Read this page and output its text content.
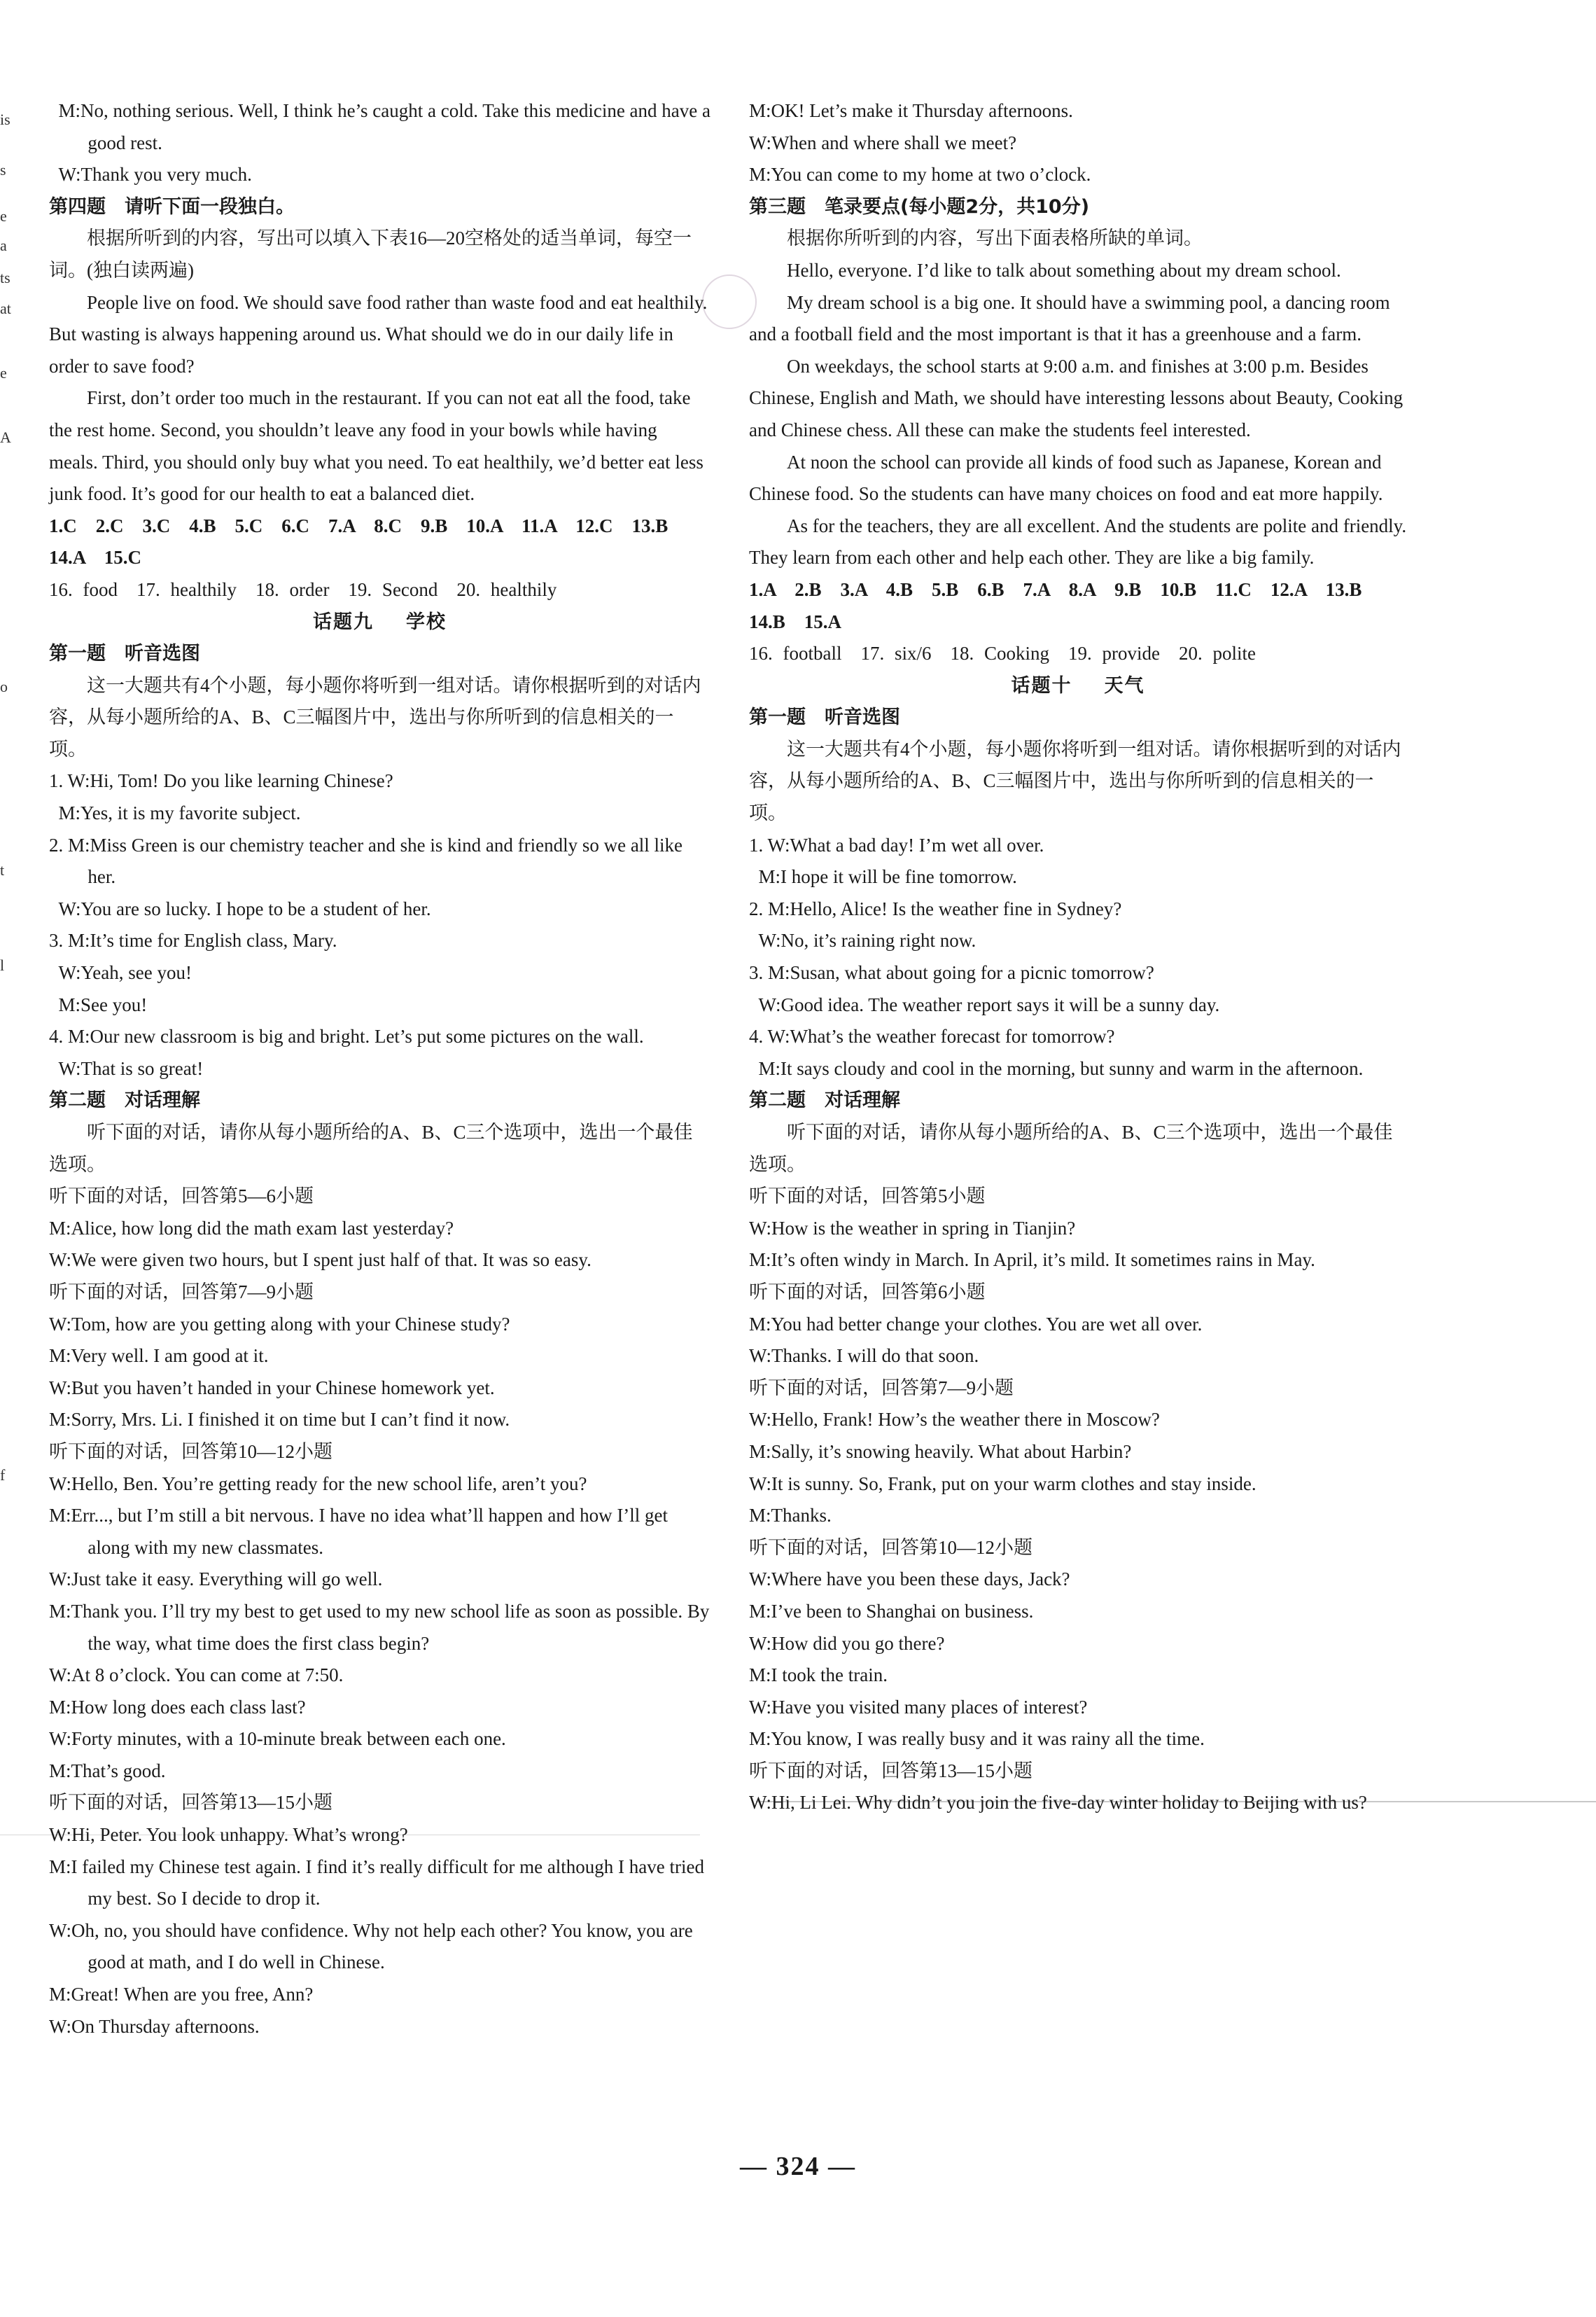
is
s
e
a
ts
at
e
A
o
t
l
f

M:No, nothing serious. Well, I think he’s caught a cold. Take this medicine and have a good rest.

W:Thank you very much.

第四题　请听下面一段独白。

根据所听到的内容，写出可以填入下表16—20空格处的适当单词，每空一词。(独白读两遍)

People live on food. We should save food rather than waste food and eat healthily. But wasting is always happening around us. What should we do in our daily life in order to save food?

First, don’t order too much in the restaurant. If you can not eat all the food, take the rest home. Second, you shouldn’t leave any food in your bowls while having meals. Third, you should only buy what you need. To eat healthily, we’d better eat less junk food. It’s good for our health to eat a balanced diet.

1.C　2.C　3.C　4.B　5.C　6.C　7.A　8.C　9.B　10.A　11.A　12.C　13.B　14.A　15.C

16. food　17. healthily　18. order　19. Second　20. healthily

话题九 学校

第一题　听音选图

这一大题共有4个小题，每小题你将听到一组对话。请你根据听到的对话内容，从每小题所给的A、B、C三幅图片中，选出与你所听到的信息相关的一项。

1. W:Hi, Tom! Do you like learning Chinese?

M:Yes, it is my favorite subject.

2. M:Miss Green is our chemistry teacher and she is kind and friendly so we all like her.

W:You are so lucky. I hope to be a student of her.

3. M:It’s time for English class, Mary.

W:Yeah, see you!

M:See you!

4. M:Our new classroom is big and bright. Let’s put some pictures on the wall.

W:That is so great!

第二题　对话理解

听下面的对话，请你从每小题所给的A、B、C三个选项中，选出一个最佳选项。

听下面的对话，回答第5—6小题

M:Alice, how long did the math exam last yesterday?

W:We were given two hours, but I spent just half of that. It was so easy.

听下面的对话，回答第7—9小题

W:Tom, how are you getting along with your Chinese study?

M:Very well. I am good at it.

W:But you haven’t handed in your Chinese homework yet.

M:Sorry, Mrs. Li. I finished it on time but I can’t find it now.

听下面的对话，回答第10—12小题

W:Hello, Ben. You’re getting ready for the new school life, aren’t you?

M:Err..., but I’m still a bit nervous. I have no idea what’ll happen and how I’ll get along with my new classmates.

W:Just take it easy. Everything will go well.

M:Thank you. I’ll try my best to get used to my new school life as soon as possible. By the way, what time does the first class begin?

W:At 8 o’clock. You can come at 7:50.

M:How long does each class last?

W:Forty minutes, with a 10-minute break between each one.

M:That’s good.

听下面的对话，回答第13—15小题

W:Hi, Peter. You look unhappy. What’s wrong?

M:I failed my Chinese test again. I find it’s really difficult for me although I have tried my best. So I decide to drop it.

W:Oh, no, you should have confidence. Why not help each other? You know, you are good at math, and I do well in Chinese.

M:Great! When are you free, Ann?

W:On Thursday afternoons.

M:OK! Let’s make it Thursday afternoons.

W:When and where shall we meet?

M:You can come to my home at two o’clock.

第三题　笔录要点(每小题2分，共10分)

根据你所听到的内容，写出下面表格所缺的单词。

Hello, everyone. I’d like to talk about something about my dream school.

My dream school is a big one. It should have a swimming pool, a dancing room and a football field and the most important is that it has a greenhouse and a farm.

On weekdays, the school starts at 9:00 a.m. and finishes at 3:00 p.m. Besides Chinese, English and Math, we should have interesting lessons about Beauty, Cooking and Chinese chess. All these can make the students feel interested.

At noon the school can provide all kinds of food such as Japanese, Korean and Chinese food. So the students can have many choices on food and eat more happily.

As for the teachers, they are all excellent. And the students are polite and friendly. They learn from each other and help each other. They are like a big family.

1.A　2.B　3.A　4.B　5.B　6.B　7.A　8.A　9.B　10.B　11.C　12.A　13.B　14.B　15.A

16. football　17. six/6　18. Cooking　19. provide　20. polite

话题十 天气

第一题　听音选图

这一大题共有4个小题，每小题你将听到一组对话。请你根据听到的对话内容，从每小题所给的A、B、C三幅图片中，选出与你所听到的信息相关的一项。

1. W:What a bad day! I’m wet all over.

M:I hope it will be fine tomorrow.

2. M:Hello, Alice! Is the weather fine in Sydney?

W:No, it’s raining right now.

3. M:Susan, what about going for a picnic tomorrow?

W:Good idea. The weather report says it will be a sunny day.

4. W:What’s the weather forecast for tomorrow?

M:It says cloudy and cool in the morning, but sunny and warm in the afternoon.

第二题　对话理解

听下面的对话，请你从每小题所给的A、B、C三个选项中，选出一个最佳选项。

听下面的对话，回答第5小题

W:How is the weather in spring in Tianjin?

M:It’s often windy in March. In April, it’s mild. It sometimes rains in May.

听下面的对话，回答第6小题

M:You had better change your clothes. You are wet all over.

W:Thanks. I will do that soon.

听下面的对话，回答第7—9小题

W:Hello, Frank! How’s the weather there in Moscow?

M:Sally, it’s snowing heavily. What about Harbin?

W:It is sunny. So, Frank, put on your warm clothes and stay inside.

M:Thanks.

听下面的对话，回答第10—12小题

W:Where have you been these days, Jack?

M:I’ve been to Shanghai on business.

W:How did you go there?

M:I took the train.

W:Have you visited many places of interest?

M:You know, I was really busy and it was rainy all the time.

听下面的对话，回答第13—15小题

W:Hi, Li Lei. Why didn’t you join the five-day winter holiday to Beijing with us?

— 324 —
